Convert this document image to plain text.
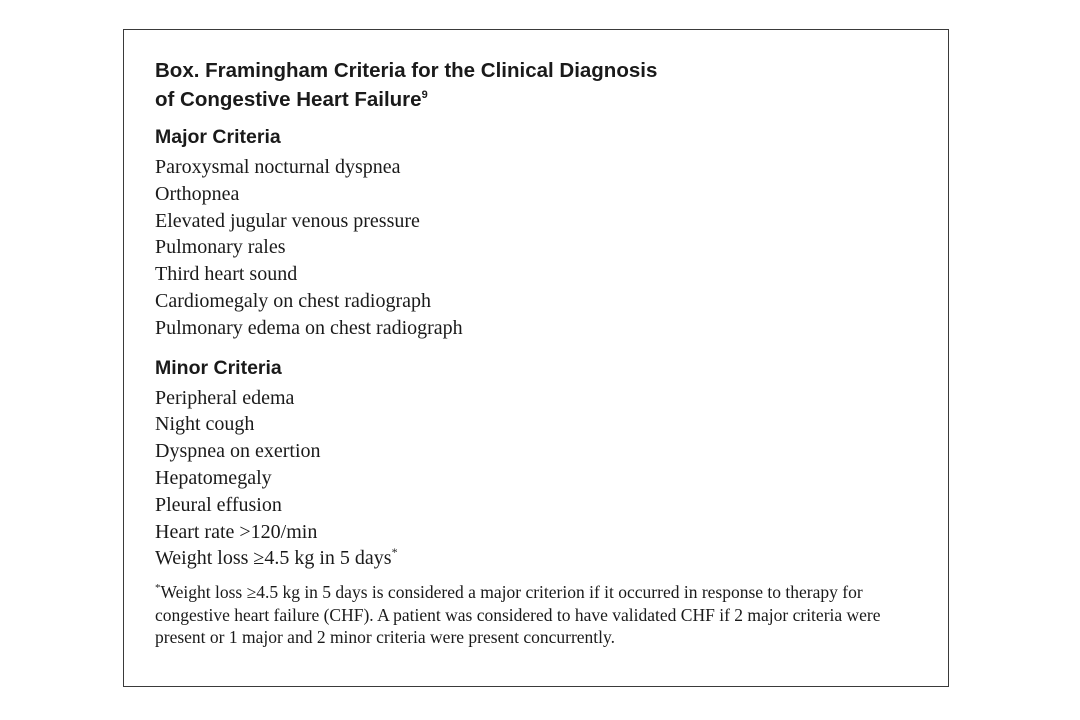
Box. Framingham Criteria for the Clinical Diagnosis
of Congestive Heart Failure$^9$
Major Criteria
Paroxysmal nocturnal dyspnea
Orthopnea
Elevated jugular venous pressure
Pulmonary rales
Third heart sound
Cardiomegaly on chest radiograph
Pulmonary edema on chest radiograph
Minor Criteria
Peripheral edema
Night cough
Dyspnea on exertion
Hepatomegaly
Pleural effusion
Heart rate >120/min
Weight loss ≥4.5 kg in 5 days*

*Weight loss ≥4.5 kg in 5 days is considered a major criterion if it occurred in response to therapy for congestive heart failure (CHF). A patient was considered to have validated CHF if 2 major criteria were present or 1 major and 2 minor criteria were present concurrently.
